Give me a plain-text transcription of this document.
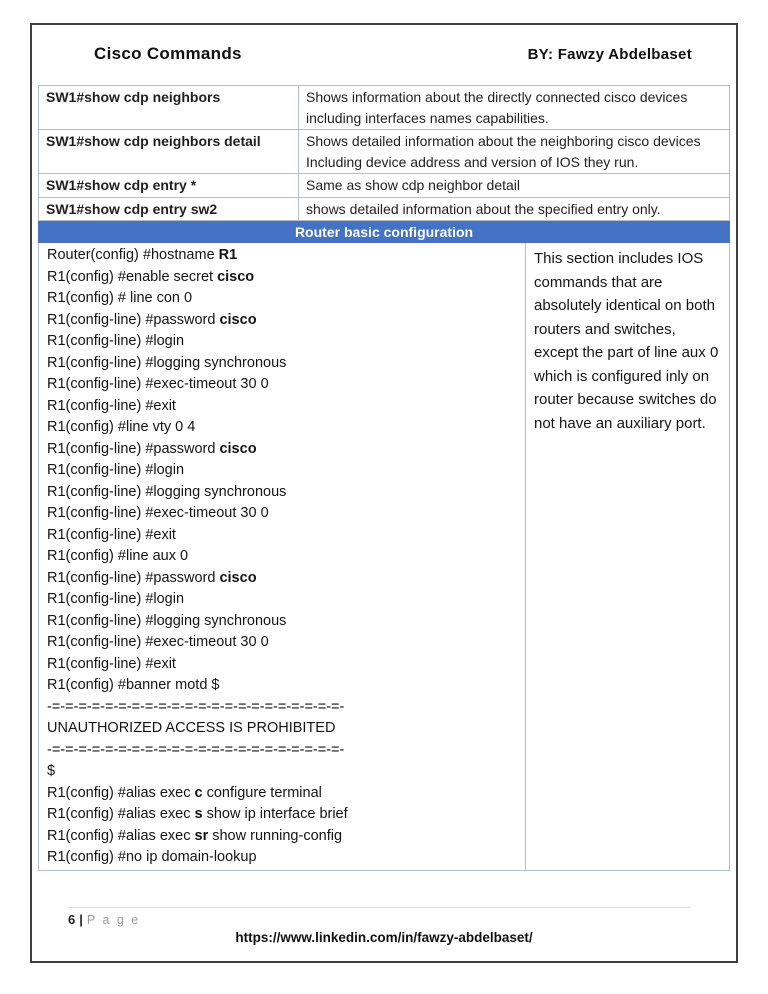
Cisco Commands	BY: Fawzy Abdelbaset
SW1#show cdp neighbors	Shows information about the directly connected cisco devices including interfaces names capabilities.
SW1#show cdp neighbors detail	Shows detailed information about the neighboring cisco devices Including device address and version of IOS they run.
SW1#show cdp entry *	Same as show cdp neighbor detail
SW1#show cdp entry sw2	shows detailed information about the specified entry only.
Router basic configuration
Router(config) #hostname R1
R1(config) #enable secret cisco
R1(config) # line con 0
R1(config-line) #password cisco
R1(config-line) #login
R1(config-line) #logging synchronous
R1(config-line) #exec-timeout 30 0
R1(config-line) #exit
R1(config) #line vty 0 4
R1(config-line) #password cisco
R1(config-line) #login
R1(config-line) #logging synchronous
R1(config-line) #exec-timeout 30 0
R1(config-line) #exit
R1(config) #line aux 0
R1(config-line) #password cisco
R1(config-line) #login
R1(config-line) #logging synchronous
R1(config-line) #exec-timeout 30 0
R1(config-line) #exit
R1(config) #banner motd $
-=-=-=-=-=-=-=-=-=-=-=-=-=-=-=-=-=-=-=-=-=-=-
UNAUTHORIZED ACCESS IS PROHIBITED
-=-=-=-=-=-=-=-=-=-=-=-=-=-=-=-=-=-=-=-=-=-=-
$
R1(config) #alias exec c configure terminal
R1(config) #alias exec s show ip interface brief
R1(config) #alias exec sr show running-config
R1(config) #no ip domain-lookup
This section includes IOS commands that are absolutely identical on both routers and switches, except the part of line aux 0 which is configured inly on router because switches do not have an auxiliary port.
6 | P a g e
https://www.linkedin.com/in/fawzy-abdelbaset/
